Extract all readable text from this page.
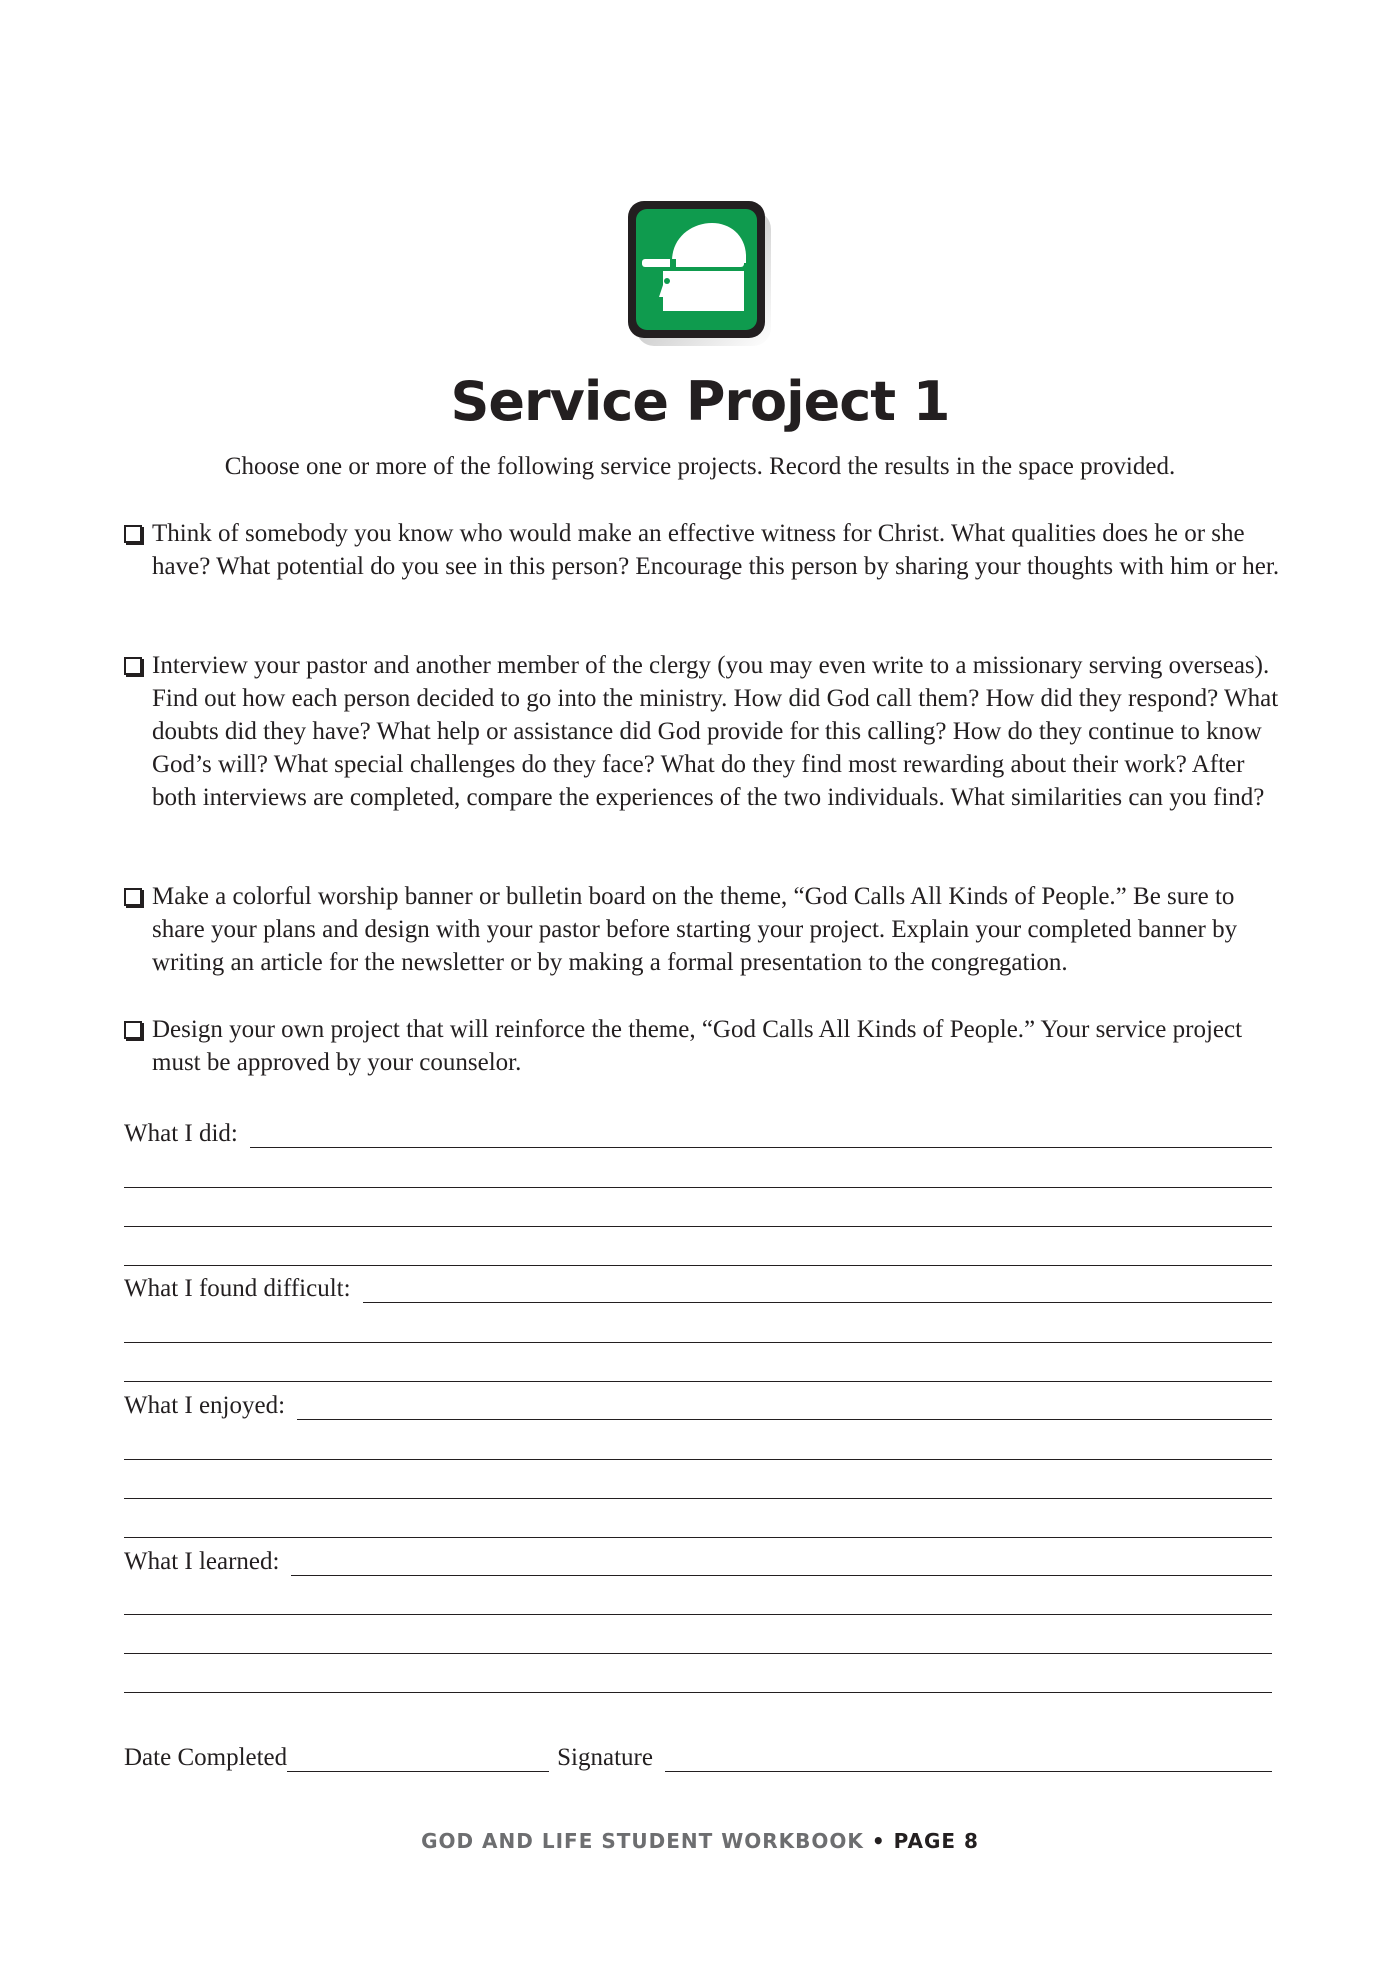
Service Project 1
Choose one or more of the following service projects. Record the results in the space provided.
Think of somebody you know who would make an effective witness for Christ. What qualities does he or she have? What potential do you see in this person? Encourage this person by sharing your thoughts with him or her.
Interview your pastor and another member of the clergy (you may even write to a missionary serving overseas). Find out how each person decided to go into the ministry. How did God call them? How did they respond? What doubts did they have? What help or assistance did God provide for this calling? How do they continue to know God’s will? What special challenges do they face? What do they find most rewarding about their work? After both interviews are completed, compare the experiences of the two individuals. What similarities can you find?
Make a colorful worship banner or bulletin board on the theme, “God Calls All Kinds of People.” Be sure to share your plans and design with your pastor before starting your project. Explain your completed banner by writing an article for the newsletter or by making a formal presentation to the congregation.
Design your own project that will reinforce the theme, “God Calls All Kinds of People.” Your service project must be approved by your counselor.
What I did:
What I found difficult:
What I enjoyed:
What I learned:
Date Completed	Signature
GOD AND LIFE STUDENT WORKBOOK • PAGE 8
